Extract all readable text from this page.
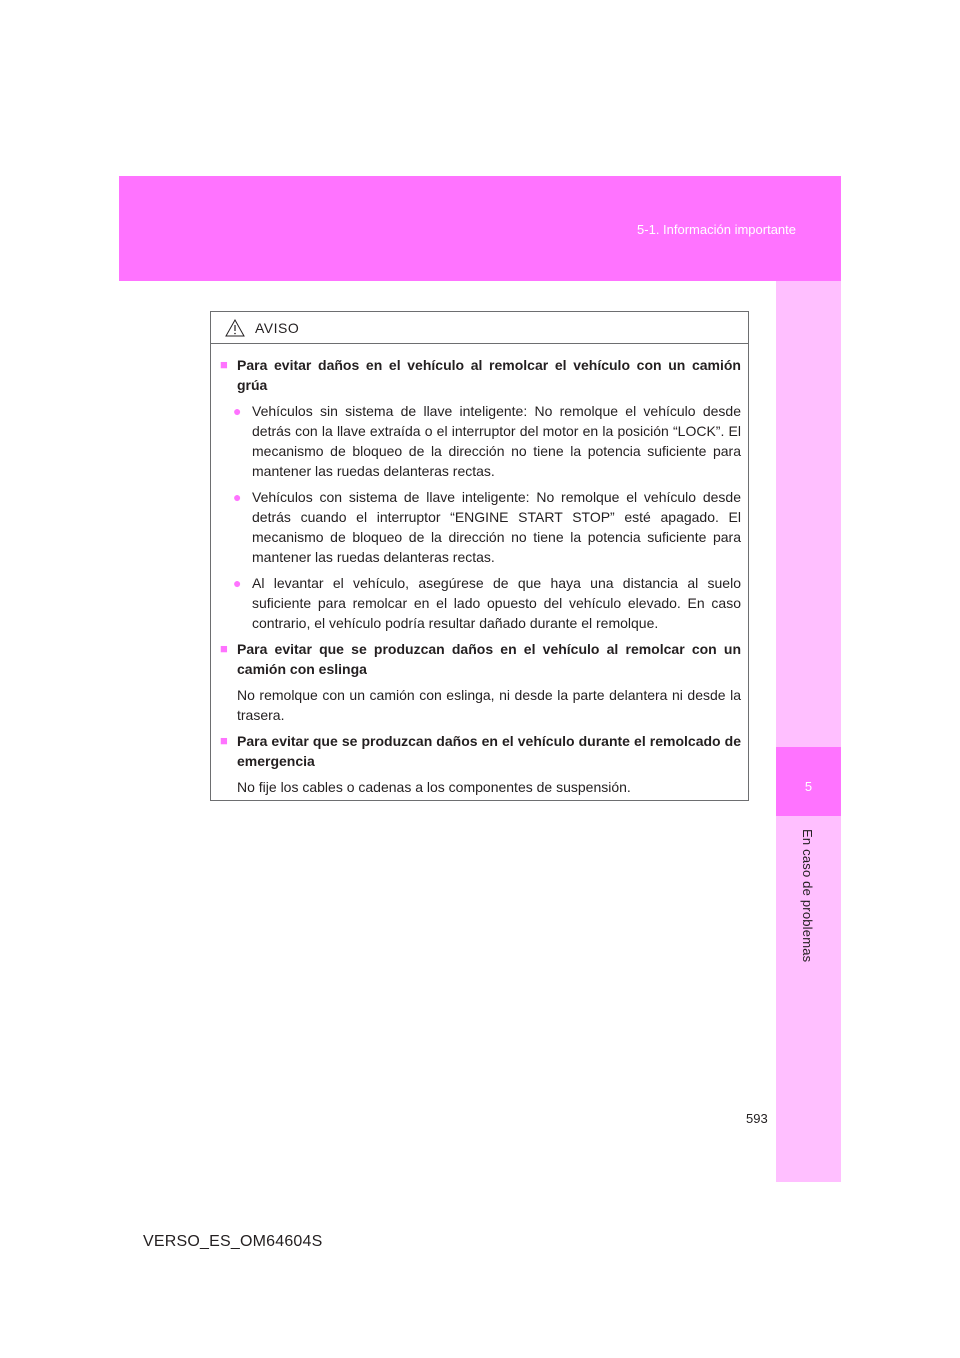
5-1. Información importante
5
En caso de problemas
AVISO
■ Para evitar daños en el vehículo al remolcar el vehículo con un camión grúa
● Vehículos sin sistema de llave inteligente: No remolque el vehículo desde detrás con la llave extraída o el interruptor del motor en la posición “LOCK”. El mecanismo de bloqueo de la dirección no tiene la potencia suficiente para mantener las ruedas delanteras rectas.
● Vehículos con sistema de llave inteligente: No remolque el vehículo desde detrás cuando el interruptor “ENGINE START STOP” esté apagado. El mecanismo de bloqueo de la dirección no tiene la potencia suficiente para mantener las ruedas delanteras rectas.
● Al levantar el vehículo, asegúrese de que haya una distancia al suelo suficiente para remolcar en el lado opuesto del vehículo elevado. En caso contrario, el vehículo podría resultar dañado durante el remolque.
■ Para evitar que se produzcan daños en el vehículo al remolcar con un camión con eslinga
No remolque con un camión con eslinga, ni desde la parte delantera ni desde la trasera.
■ Para evitar que se produzcan daños en el vehículo durante el remolcado de emergencia
No fije los cables o cadenas a los componentes de suspensión.
593
VERSO_ES_OM64604S
